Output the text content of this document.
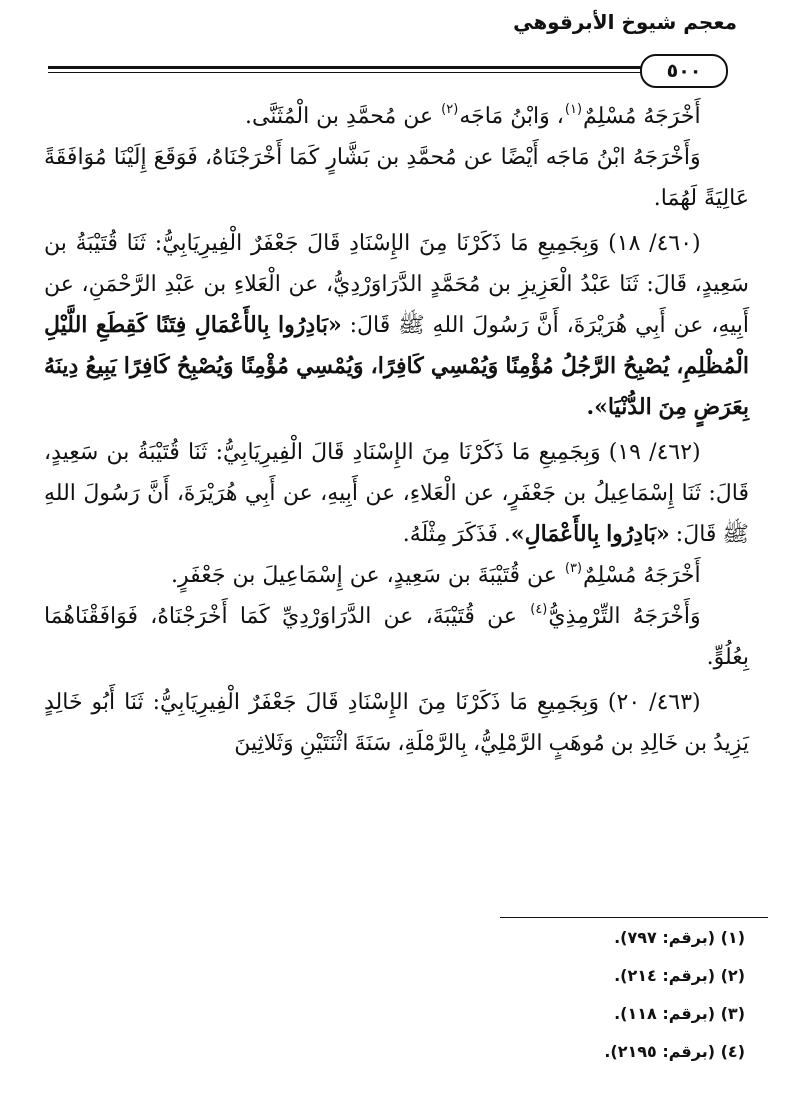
معجم شيوخ الأبرقوهي
٥٠٠

أَخْرَجَهُ مُسْلِمٌ$^{(١)}$، وَابْنُ مَاجَه$^{(٢)}$ عن مُحمَّدِ بن الْمُثَنَّى.

وَأَخْرَجَهُ ابْنُ مَاجَه أَيْضًا عن مُحمَّدِ بن بَشَّارٍ كَمَا أَخْرَجْنَاهُ، فَوَقَعَ إِلَيْنَا مُوَافَقَةً عَالِيَةً لَهُمَا.

(٤٦٠/ ١٨) وَبِجَمِيعِ مَا ذَكَرْنَا مِنَ الإِسْنَادِ قَالَ جَعْفَرٌ الْفِيرِيَابِيُّ: ثَنَا قُتَيْبَةُ بن سَعِيدٍ، قَالَ: ثَنَا عَبْدُ الْعَزِيزِ بن مُحَمَّدٍ الدَّرَاوَرْدِيُّ، عن الْعَلاءِ بن عَبْدِ الرَّحْمَنِ، عن أَبِيهِ، عن أَبِي هُرَيْرَةَ، أَنَّ رَسُولَ اللهِ ﷺ قَالَ: «بَادِرُوا بِالأَعْمَالِ فِتَنًا كَقِطَعِ اللَّيْلِ الْمُظْلِمِ، يُصْبِحُ الرَّجُلُ مُؤْمِنًا وَيُمْسِي كَافِرًا، وَيُمْسِي مُؤْمِنًا وَيُصْبِحُ كَافِرًا يَبِيعُ دِينَهُ بِعَرَضٍ مِنَ الدُّنْيَا».

(٤٦٢/ ١٩) وَبِجَمِيعِ مَا ذَكَرْنَا مِنَ الإِسْنَادِ قَالَ الْفِيرِيَابِيُّ: ثَنَا قُتَيْبَةُ بن سَعِيدٍ، قَالَ: ثَنَا إِسْمَاعِيلُ بن جَعْفَرٍ، عن الْعَلاءِ، عن أَبِيهِ، عن أَبِي هُرَيْرَةَ، أَنَّ رَسُولَ اللهِ ﷺ قَالَ: «بَادِرُوا بِالأَعْمَالِ». فَذَكَرَ مِثْلَهُ.

أَخْرَجَهُ مُسْلِمٌ$^{(٣)}$ عن قُتَيْبَةَ بن سَعِيدٍ، عن إِسْمَاعِيلَ بن جَعْفَرٍ.

وَأَخْرَجَهُ التِّرْمِذِيُّ$^{(٤)}$ عن قُتَيْبَةَ، عن الدَّرَاوَرْدِيِّ كَمَا أَخْرَجْنَاهُ، فَوَافَقْنَاهُمَا بِعُلُوٍّ.

(٤٦٣/ ٢٠) وَبِجَمِيعِ مَا ذَكَرْنَا مِنَ الإِسْنَادِ قَالَ جَعْفَرٌ الْفِيرِيَابِيُّ: ثَنَا أَبُو خَالِدٍ يَزِيدُ بن خَالِدِ بن مُوهَبٍ الرَّمْلِيُّ، بِالرَّمْلَةِ، سَنَةَ اثْنَتَيْنِ وَثَلاثِينَ

(١) (برقم: ٧٩٧).

(٢) (برقم: ٢١٤).

(٣) (برقم: ١١٨).

(٤) (برقم: ٢١٩٥).
